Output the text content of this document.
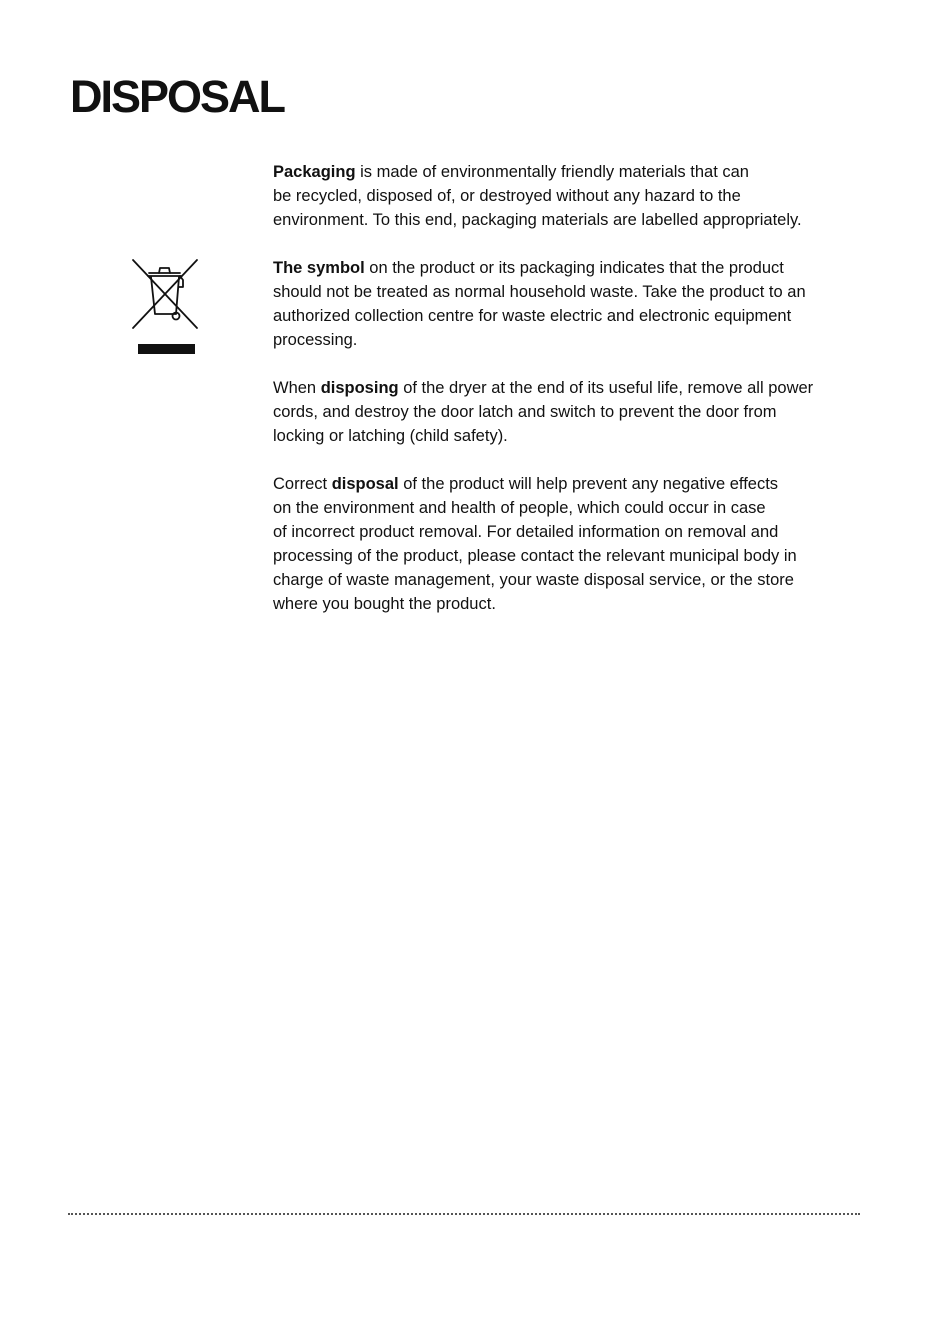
DISPOSAL

Packaging is made of environmentally friendly materials that can
be recycled, disposed of, or destroyed without any hazard to the
environment. To this end, packaging materials are labelled appropriately.

The symbol on the product or its packaging indicates that the product
should not be treated as normal household waste. Take the product to an
authorized collection centre for waste electric and electronic equipment
processing.

When disposing of the dryer at the end of its useful life, remove all power
cords, and destroy the door latch and switch to prevent the door from
locking or latching (child safety).

Correct disposal of the product will help prevent any negative effects
on the environment and health of people, which could occur in case
of incorrect product removal. For detailed information on removal and
processing of the product, please contact the relevant municipal body in
charge of waste management, your waste disposal service, or the store
where you bought the product.
